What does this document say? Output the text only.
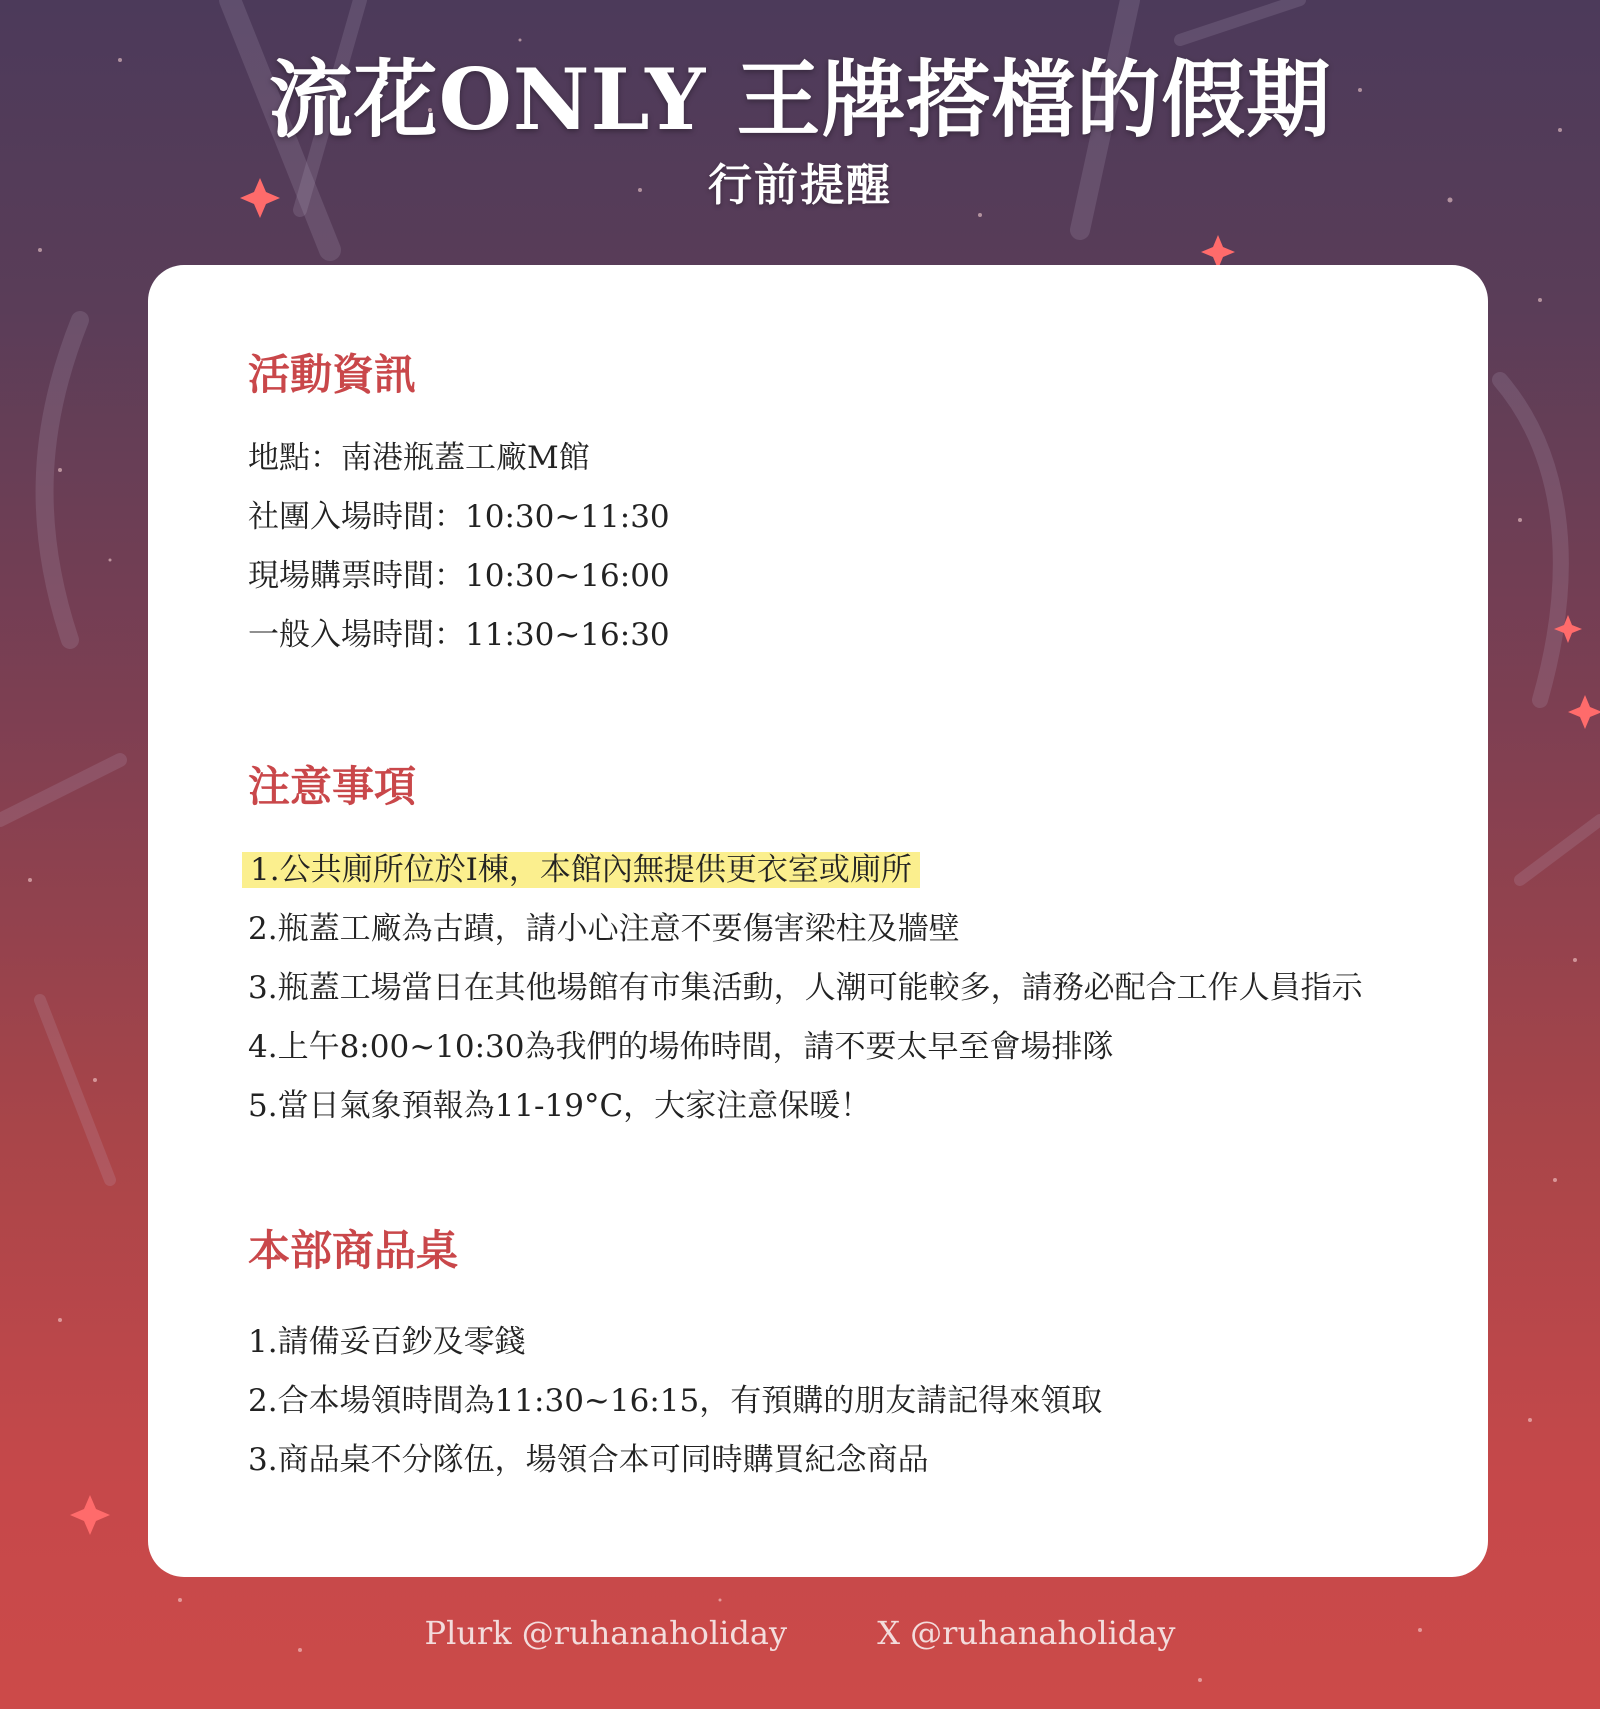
流花ONLY 王牌搭檔的假期
行前提醒
活動資訊
地點：南港瓶蓋工廠M館
社團入場時間：10:30~11:30
現場購票時間：10:30~16:00
一般入場時間：11:30~16:30
注意事項
1.公共廁所位於I棟，本館內無提供更衣室或廁所
2.瓶蓋工廠為古蹟，請小心注意不要傷害梁柱及牆壁
3.瓶蓋工場當日在其他場館有市集活動，人潮可能較多，請務必配合工作人員指示
4.上午8:00~10:30為我們的場佈時間，請不要太早至會場排隊
5.當日氣象預報為11-19°C，大家注意保暖！
本部商品桌
1.請備妥百鈔及零錢
2.合本場領時間為11:30~16:15，有預購的朋友請記得來領取
3.商品桌不分隊伍，場領合本可同時購買紀念商品
Plurk @ruhanaholiday	X @ruhanaholiday
